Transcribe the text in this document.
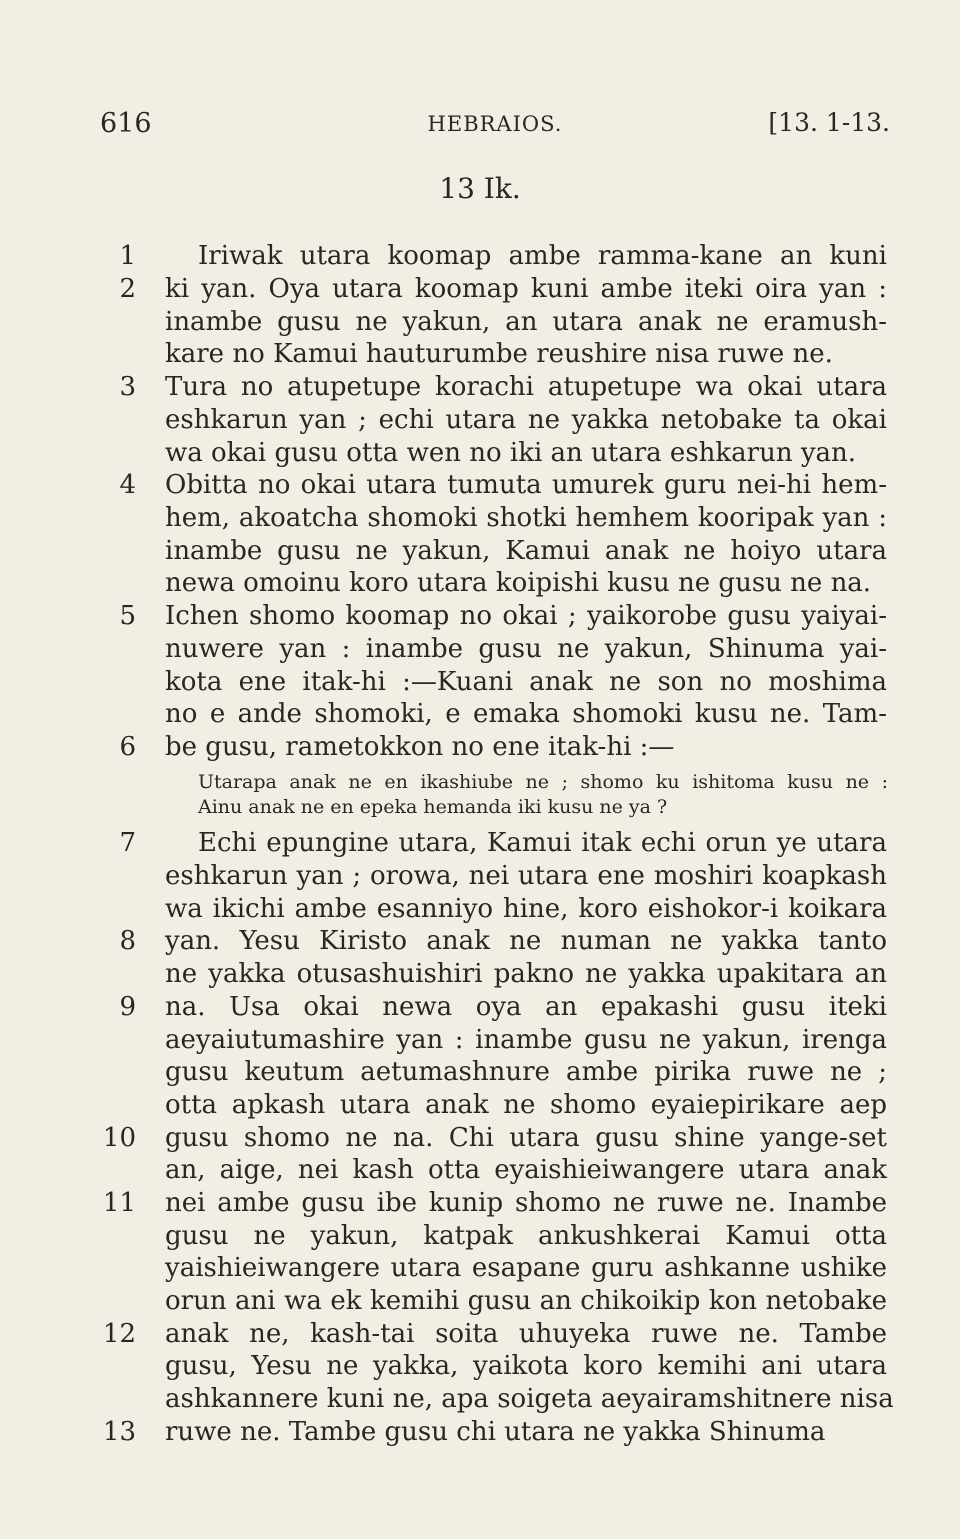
616	HEBRAIOS.	[13. 1-13.
13 Ik.
Iriwak utara koomap ambe ramma-kane an kuni
ki yan. Oya utara koomap kuni ambe iteki oira yan :
inambe gusu ne yakun, an utara anak ne eramush-
kare no Kamui hauturumbe reushire nisa ruwe ne.
Tura no atupetupe korachi atupetupe wa okai utara
eshkarun yan ; echi utara ne yakka netobake ta okai
wa okai gusu otta wen no iki an utara eshkarun yan.
Obitta no okai utara tumuta umurek guru nei-hi hem-
hem, akoatcha shomoki shotki hemhem kooripak yan :
inambe gusu ne yakun, Kamui anak ne hoiyo utara
newa omoinu koro utara koipishi kusu ne gusu ne na.
Ichen shomo koomap no okai ; yaikorobe gusu yaiyai-
nuwere yan : inambe gusu ne yakun, Shinuma yai-
kota ene itak-hi :—Kuani anak ne son no moshima
no e ande shomoki, e emaka shomoki kusu ne. Tam-
be gusu, rametokkon no ene itak-hi :—
Utarapa anak ne en ikashiube ne ; shomo ku ishitoma kusu ne :
Ainu anak ne en epeka hemanda iki kusu ne ya ?
Echi epungine utara, Kamui itak echi orun ye utara
eshkarun yan ; orowa, nei utara ene moshiri koapkash
wa ikichi ambe esanniyo hine, koro eishokor-i koikara
yan. Yesu Kiristo anak ne numan ne yakka tanto
ne yakka otusashuishiri pakno ne yakka upakitara an
na. Usa okai newa oya an epakashi gusu iteki
aeyaiutumashire yan : inambe gusu ne yakun, irenga
gusu keutum aetumashnure ambe pirika ruwe ne ;
otta apkash utara anak ne shomo eyaiepirikare aep
gusu shomo ne na. Chi utara gusu shine yange-set
an, aige, nei kash otta eyaishieiwangere utara anak
nei ambe gusu ibe kunip shomo ne ruwe ne. Inambe
gusu ne yakun, katpak ankushkerai Kamui otta
yaishieiwangere utara esapane guru ashkanne ushike
orun ani wa ek kemihi gusu an chikoikip kon netobake
anak ne, kash-tai soita uhuyeka ruwe ne. Tambe
gusu, Yesu ne yakka, yaikota koro kemihi ani utara
ashkannere kuni ne, apa soigeta aeyairamshitnere nisa
ruwe ne. Tambe gusu chi utara ne yakka Shinuma
1
2
3
4
5
6
7
8
9
10
11
12
13
